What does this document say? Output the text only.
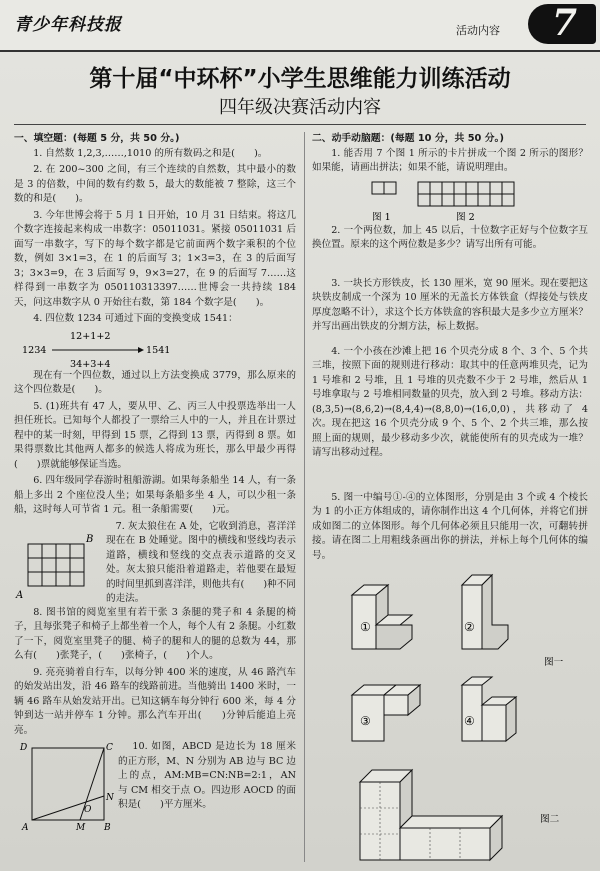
青少年科技报	活动内容 7
第十届“中环杯”小学生思维能力训练活动
四年级决赛活动内容
一、填空题：(每题 5 分，共 50 分。)

1. 自然数 1,2,3,……,1010 的所有数码之和是(　　)。

2. 在 200~300 之间，有三个连续的自然数，其中最小的数是 3 的倍数，中间的数有约数 5，最大的数能被 7 整除，这三个数的和是(　　)。

3. 今年世博会将于 5 月 1 日开始，10 月 31 日结束。将这几个数字连接起来构成一串数字：05011031。紧接 05011031 后面写一串数字，写下的每个数字都是它前面两个数字乘积的个位数，例如 3×1=3，在 1 的后面写 3；1×3=3，在 3 的后面写 3；3×3=9，在 3 后面写 9，9×3=27，在 9 的后面写 7……这样得到一串数字为 050110313397……世博会一共持续 184 天，问这串数字从 0 开始往右数，第 184 个数字是(　　)。

4. 四位数 1234 可通过下面的变换变成 1541：

12+1+2
1234	1541
34+3+4

现在有一个四位数，通过以上方法变换成 3779，那么原来的这个四位数是(　　)。

5. (1)班共有 47 人，要从甲、乙、丙三人中投票选举出一人担任班长。已知每个人都投了一票给三人中的一人，并且在计票过程中的某一时刻，甲得到 15 票，乙得到 13 票，丙得到 8 票。如果得票数比其他两人都多的候选人将成为班长，那么甲最少再得(　　)票就能够保证当选。

6. 四年级同学春游时租船游湖。如果每条船坐 14 人，有一条船上多出 2 个座位没人坐；如果每条船多坐 4 人，可以少租一条船，这时每人可节省 1 元。租一条船需要(　　)元。

B
A

7. 灰太狼住在 A 处，它收到消息，喜洋洋现在在 B 处睡觉。图中的横线和竖线均表示道路，横线和竖线的交点表示道路的交叉处。灰太狼只能沿着道路走，若他要在最短的时间里抓到喜洋洋，则他共有(　　)种不同的走法。

8. 图书馆的阅览室里有若干张 3 条腿的凳子和 4 条腿的椅子，且每张凳子和椅子上都坐着一个人，每个人有 2 条腿。小红数了一下，阅览室里凳子的腿、椅子的腿和人的腿的总数为 44，那么有(　　)张凳子，(　　)张椅子，(　　)个人。

9. 亮亮骑着自行车，以每分钟 400 米的速度，从 46 路汽车的始发站出发，沿 46 路车的线路前进。当他骑出 1400 米时，一辆 46 路车从始发站开出。已知这辆车每分钟行 600 米，每 4 分钟到达一站并停车 1 分钟。那么汽车开出(　　)分钟后能追上亮亮。

D	C
A	B
M
N
O

10. 如图，ABCD 是边长为 18 厘米的正方形，M、N 分别为 AB 边与 BC 边上的点，AM:MB=CN:NB=2:1，AN 与 CM 相交于点 O。四边形 AOCD 的面积是(　　)平方厘米。

二、动手动脑题：(每题 10 分，共 50 分。)

1. 能否用 7 个图 1 所示的卡片拼成一个图 2 所示的图形？如果能，请画出拼法；如果不能，请说明理由。

图 1	图 2

2. 一个两位数，加上 45 以后，十位数字正好与个位数字互换位置。原来的这个两位数是多少？请写出所有可能。

3. 一块长方形铁皮，长 130 厘米，宽 90 厘米。现在要把这块铁皮制成一个深为 10 厘米的无盖长方体铁盒（焊接处与铁皮厚度忽略不计），求这个长方体铁盒的容积最大是多少立方厘米？并写出画出铁皮的分割方法，标上数据。

4. 一个小孩在沙滩上把 16 个贝壳分成 8 个、3 个、5 个共三堆，按照下面的规则进行移动：取其中的任意两堆贝壳，记为 1 号堆和 2 号堆，且 1 号堆的贝壳数不少于 2 号堆，然后从 1 号堆拿取与 2 号堆相同数量的贝壳，放入到 2 号堆。移动方法：(8,3,5)→(8,6,2)→(8,4,4)→(8,8,0)→(16,0,0)，共移动了 4 次。现在把这 16 个贝壳分成 9 个、5 个、2 个共三堆，那么按照上面的规则，最少移动多少次，就能使所有的贝壳成为一堆？请写出移动过程。

5. 图一中编号①-④的立体图形，分别是由 3 个或 4 个棱长为 1 的小正方体组成的，请你制作出这 4 个几何体，并将它们拼成如图二的立体图形。每个几何体必须且只能用一次，可翻转拼接。请在图二上用粗线条画出你的拼法，并标上每个几何体的编号。

①	②
③	④
图一
图二
